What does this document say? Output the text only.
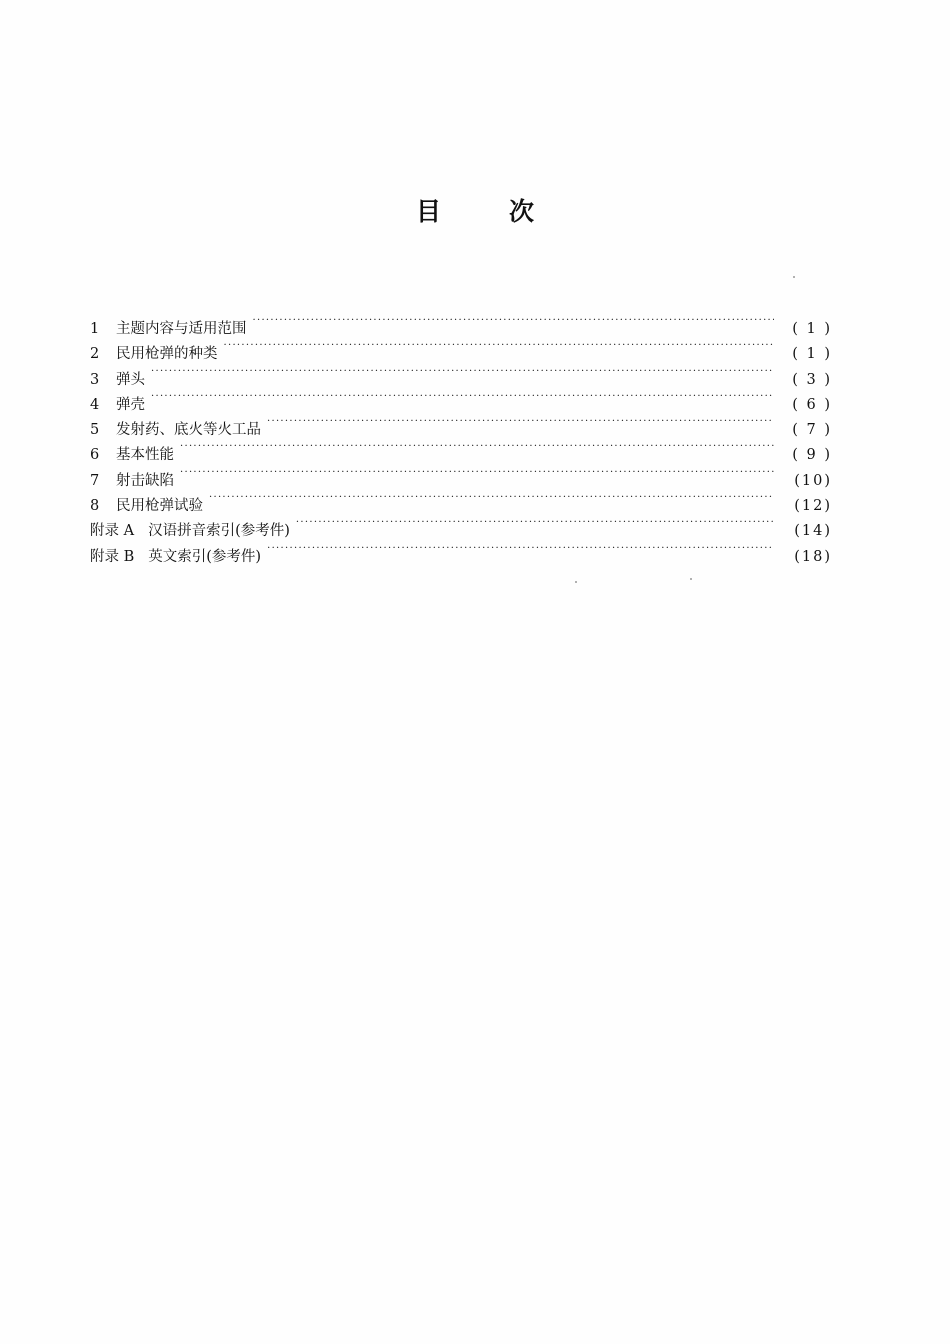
目	次
1	主题内容与适用范围 ·····	( 1 )
2	民用枪弹的种类 ·····	( 1 )
3	弹头 ·····	( 3 )
4	弹壳 ·····	( 6 )
5	发射药、底火等火工品 ·····	( 7 )
6	基本性能 ·····	( 9 )
7	射击缺陷 ·····	(10)
8	民用枪弹试验 ·····	(12)
附录 A 汉语拼音索引(参考件) ·····	(14)
附录 B 英文索引(参考件) ·····	(18)
